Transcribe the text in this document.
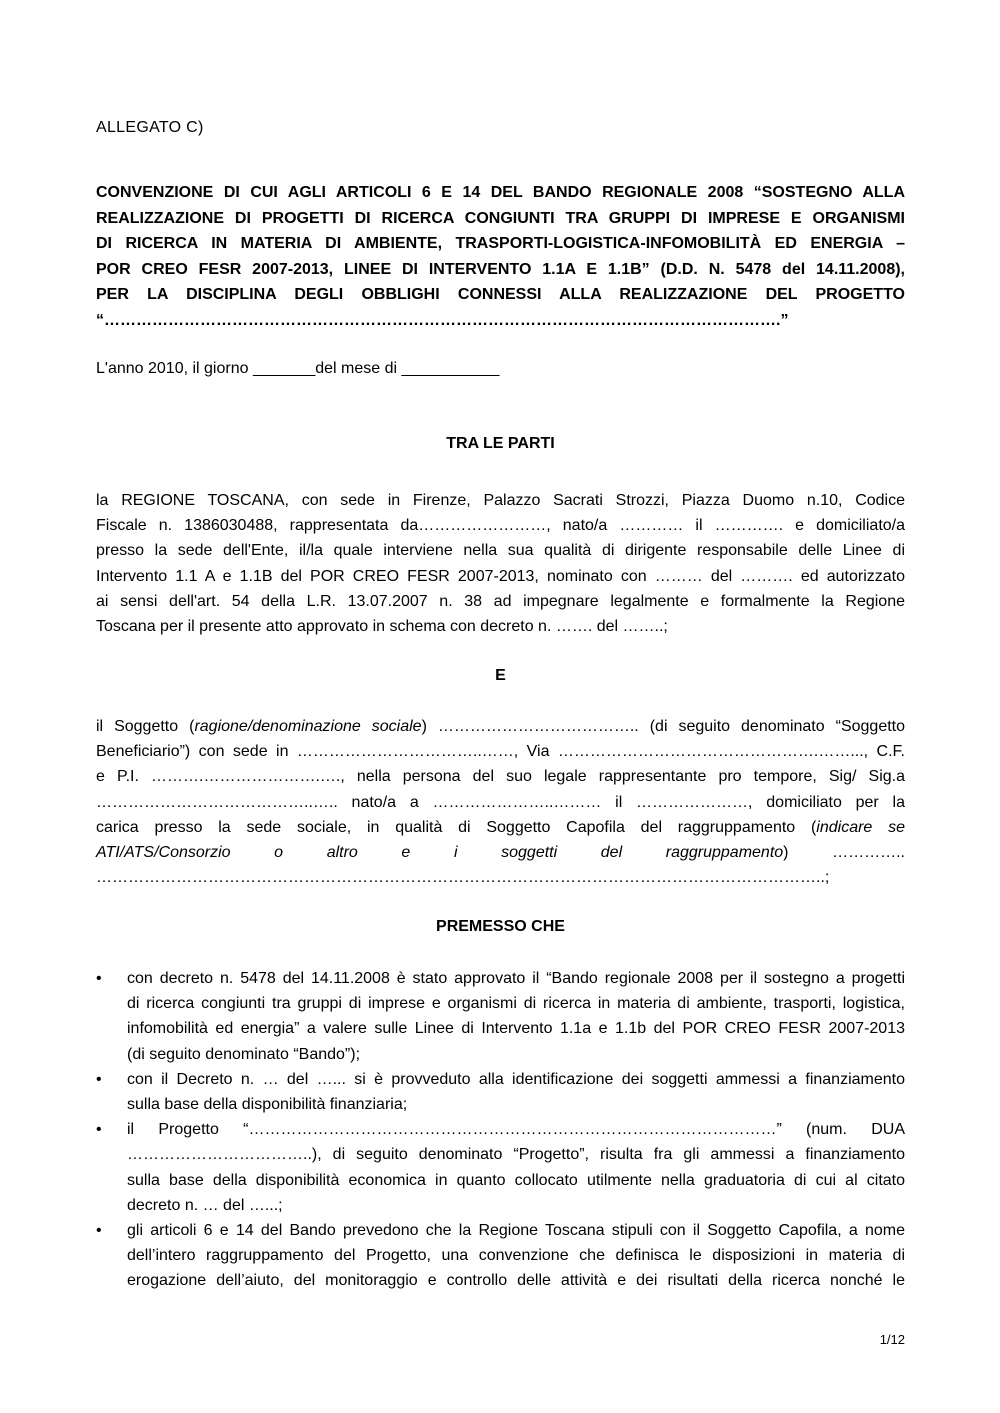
ALLEGATO C)
CONVENZIONE DI CUI AGLI ARTICOLI 6 E 14 DEL BANDO REGIONALE 2008 “SOSTEGNO ALLA
REALIZZAZIONE DI PROGETTI DI RICERCA CONGIUNTI TRA GRUPPI DI IMPRESE E ORGANISMI
DI RICERCA IN MATERIA DI AMBIENTE, TRASPORTI-LOGISTICA-INFOMOBILITÀ ED ENERGIA –
POR CREO FESR 2007-2013, LINEE DI INTERVENTO 1.1A E 1.1B” (D.D. N. 5478 del 14.11.2008),
PER LA DISCIPLINA DEGLI OBBLIGHI CONNESSI ALLA REALIZZAZIONE DEL PROGETTO
“……………………………………………………………………………………………………………….”
L'anno 2010, il giorno _______del mese di ___________
TRA LE PARTI
la REGIONE TOSCANA, con sede in Firenze, Palazzo Sacrati Strozzi, Piazza Duomo n.10, Codice
Fiscale n. 1386030488, rappresentata da……………………, nato/a ………… il …………. e domiciliato/a
presso la sede dell'Ente, il/la quale interviene nella sua qualità di dirigente responsabile delle Linee di
Intervento 1.1 A e 1.1B del POR CREO FESR 2007-2013, nominato con ……… del ………. ed autorizzato
ai sensi dell'art. 54 della L.R. 13.07.2007 n. 38 ad impegnare legalmente e formalmente la Regione
Toscana per il presente atto approvato in schema con decreto n. ……. del ……..;
E
il Soggetto (ragione/denominazione sociale) ……………………………….. (di seguito denominato “Soggetto
Beneficiario”) con sede in ……………………………..……, Via ………………………………………….……..., C.F.
e P.I. ……….………………….…., nella persona del suo legale rappresentante pro tempore, Sig/ Sig.a
…………………………………..….. nato/a a …………………..……… il …………………, domiciliato per la
carica presso la sede sociale, in qualità di Soggetto Capofila del raggruppamento (indicare se
ATI/ATS/Consorzio o altro e i soggetti del raggruppamento) …………..
………………………………………………………………………………………………………………………..;
PREMESSO CHE
• con decreto n. 5478 del 14.11.2008 è stato approvato il “Bando regionale 2008 per il sostegno a progetti
di ricerca congiunti tra gruppi di imprese e organismi di ricerca in materia di ambiente, trasporti, logistica,
infomobilità ed energia” a valere sulle Linee di Intervento 1.1a e 1.1b del POR CREO FESR 2007-2013
(di seguito denominato “Bando”);
• con il Decreto n. … del …... si è provveduto alla identificazione dei soggetti ammessi a finanziamento
sulla base della disponibilità finanziaria;
• il Progetto “………………………………………………………………………………………” (num. DUA
……………………………..), di seguito denominato “Progetto”, risulta fra gli ammessi a finanziamento
sulla base della disponibilità economica in quanto collocato utilmente nella graduatoria di cui al citato
decreto n. … del …...;
• gli articoli 6 e 14 del Bando prevedono che la Regione Toscana stipuli con il Soggetto Capofila, a nome
dell’intero raggruppamento del Progetto, una convenzione che definisca le disposizioni in materia di
erogazione dell’aiuto, del monitoraggio e controllo delle attività e dei risultati della ricerca nonché le
1/12
